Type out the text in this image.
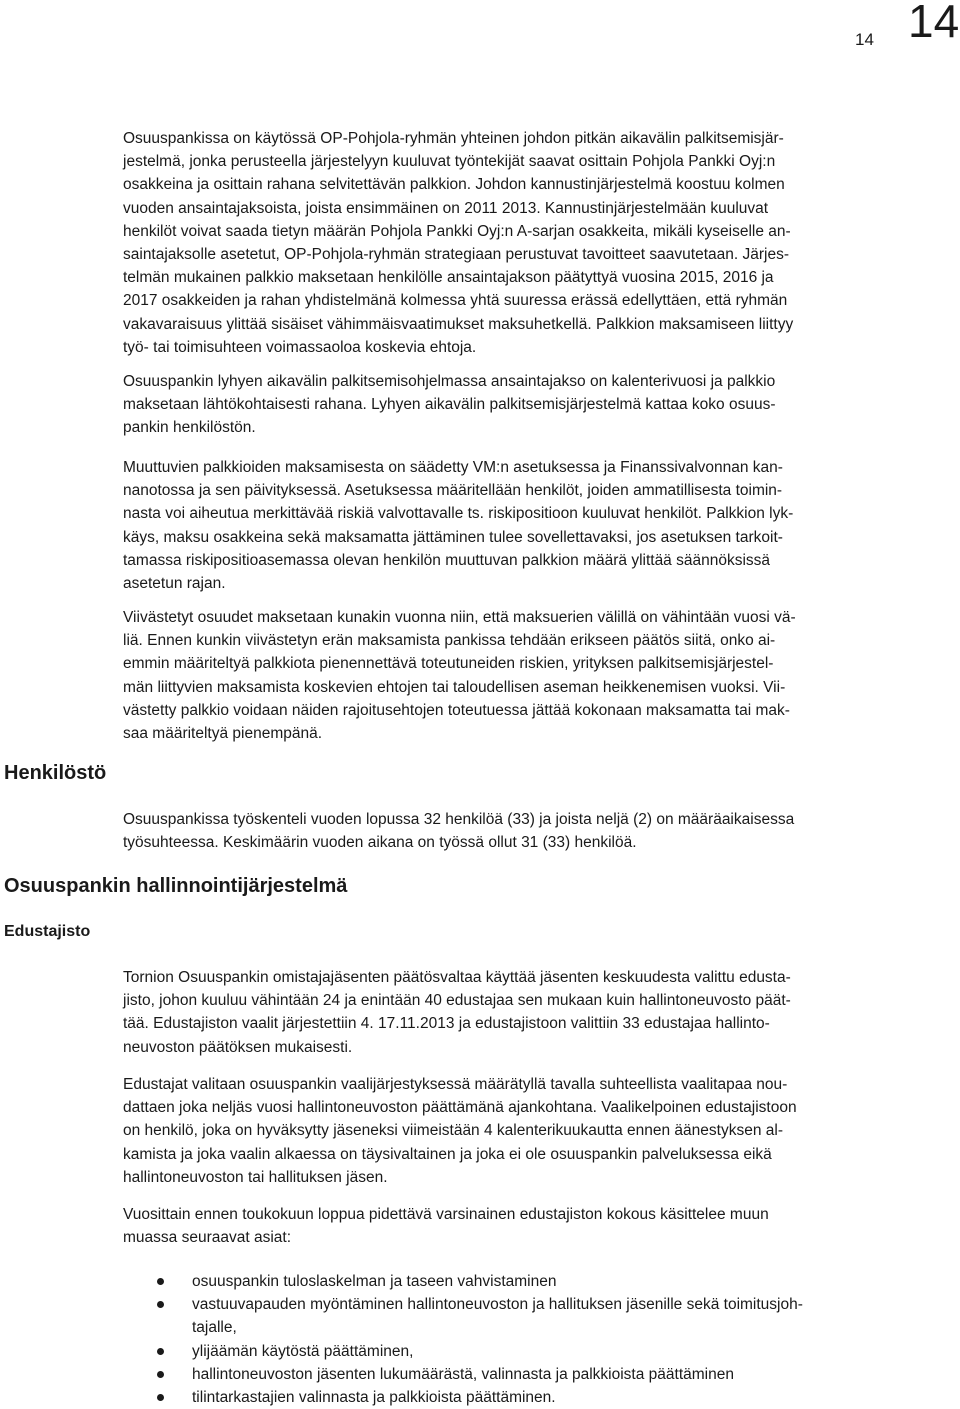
14 14
Osuuspankissa on käytössä OP-Pohjola-ryhmän yhteinen johdon pitkän aikavälin palkitsemisjär-
jestelmä, jonka perusteella järjestelyyn kuuluvat työntekijät saavat osittain Pohjola Pankki Oyj:n
osakkeina ja osittain rahana selvitettävän palkkion. Johdon kannustinjärjestelmä koostuu kolmen
vuoden ansaintajaksoista, joista ensimmäinen on 2011 2013. Kannustinjärjestelmään kuuluvat
henkilöt voivat saada tietyn määrän Pohjola Pankki Oyj:n A-sarjan osakkeita, mikäli kyseiselle an-
saintajaksolle asetetut, OP-Pohjola-ryhmän strategiaan perustuvat tavoitteet saavutetaan. Järjes-
telmän mukainen palkkio maksetaan henkilölle ansaintajakson päätyttyä vuosina 2015, 2016 ja
2017 osakkeiden ja rahan yhdistelmänä kolmessa yhtä suuressa erässä edellyttäen, että ryhmän
vakavaraisuus ylittää sisäiset vähimmäisvaatimukset maksuhetkellä. Palkkion maksamiseen liittyy
työ- tai toimisuhteen voimassaoloa koskevia ehtoja.
Osuuspankin lyhyen aikavälin palkitsemisohjelmassa ansaintajakso on kalenterivuosi ja palkkio
maksetaan lähtökohtaisesti rahana. Lyhyen aikavälin palkitsemisjärjestelmä kattaa koko osuus-
pankin henkilöstön.
Muuttuvien palkkioiden maksamisesta on säädetty VM:n asetuksessa ja Finanssivalvonnan kan-
nanotossa ja sen päivityksessä. Asetuksessa määritellään henkilöt, joiden ammatillisesta toimin-
nasta voi aiheutua merkittävää riskiä valvottavalle ts. riskipositioon kuuluvat henkilöt. Palkkion lyk-
käys, maksu osakkeina sekä maksamatta jättäminen tulee sovellettavaksi, jos asetuksen tarkoit-
tamassa riskipositioasemassa olevan henkilön muuttuvan palkkion määrä ylittää säännöksissä
asetetun rajan.
Viivästetyt osuudet maksetaan kunakin vuonna niin, että maksuerien välillä on vähintään vuosi vä-
liä. Ennen kunkin viivästetyn erän maksamista pankissa tehdään erikseen päätös siitä, onko ai-
emmin määriteltyä palkkiota pienennettävä toteutuneiden riskien, yrityksen palkitsemisjärjestel-
män liittyvien maksamista koskevien ehtojen tai taloudellisen aseman heikkenemisen vuoksi. Vii-
västetty palkkio voidaan näiden rajoitusehtojen toteutuessa jättää kokonaan maksamatta tai mak-
saa määriteltyä pienempänä.
Henkilöstö
Osuuspankissa työskenteli vuoden lopussa 32 henkilöä (33) ja joista neljä (2) on määräaikaisessa
työsuhteessa. Keskimäärin vuoden aikana on työssä ollut 31 (33) henkilöä.
Osuuspankin hallinnointijärjestelmä
Edustajisto
Tornion Osuuspankin omistajajäsenten päätösvaltaa käyttää jäsenten keskuudesta valittu edusta-
jisto, johon kuuluu vähintään 24 ja enintään 40 edustajaa sen mukaan kuin hallintoneuvosto päät-
tää. Edustajiston vaalit järjestettiin 4. 17.11.2013 ja edustajistoon valittiin 33 edustajaa hallinto-
neuvoston päätöksen mukaisesti.
Edustajat valitaan osuuspankin vaalijärjestyksessä määrätyllä tavalla suhteellista vaalitapaa nou-
dattaen joka neljäs vuosi hallintoneuvoston päättämänä ajankohtana. Vaalikelpoinen edustajistoon
on henkilö, joka on hyväksytty jäseneksi viimeistään 4 kalenterikuukautta ennen äänestyksen al-
kamista ja joka vaalin alkaessa on täysivaltainen ja joka ei ole osuuspankin palveluksessa eikä
hallintoneuvoston tai hallituksen jäsen.
Vuosittain ennen toukokuun loppua pidettävä varsinainen edustajiston kokous käsittelee muun
muassa seuraavat asiat:
osuuspankin tuloslaskelman ja taseen vahvistaminen
vastuuvapauden myöntäminen hallintoneuvoston ja hallituksen jäsenille sekä toimitusjoh-
tajalle,
ylijäämän käytöstä päättäminen,
hallintoneuvoston jäsenten lukumäärästä, valinnasta ja palkkioista päättäminen
tilintarkastajien valinnasta ja palkkioista päättäminen.
